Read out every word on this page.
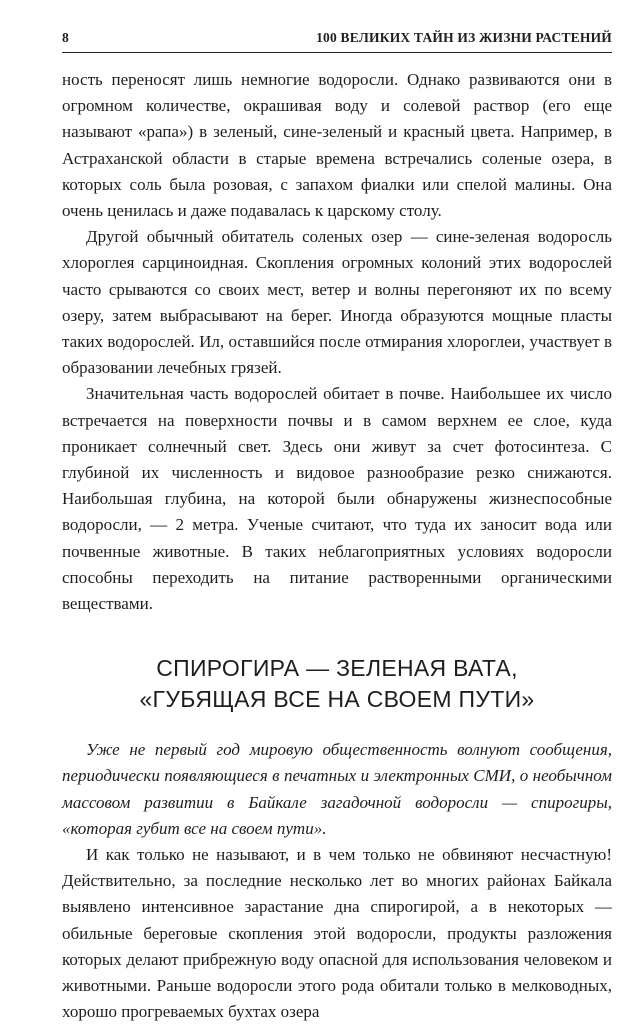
8	100 ВЕЛИКИХ ТАЙН ИЗ ЖИЗНИ РАСТЕНИЙ

ность переносят лишь немногие водоросли. Однако развиваются они в огромном количестве, окрашивая воду и солевой раствор (его еще называют «рапа») в зеленый, сине-зеленый и красный цвета. Например, в Астраханской области в старые времена встречались соленые озера, в которых соль была розовая, с запахом фиалки или спелой малины. Она очень ценилась и даже подавалась к царскому столу.

Другой обычный обитатель соленых озер — сине-зеленая водоросль хлороглея сарциноидная. Скопления огромных колоний этих водорослей часто срываются со своих мест, ветер и волны перегоняют их по всему озеру, затем выбрасывают на берег. Иногда образуются мощные пласты таких водорослей. Ил, оставшийся после отмирания хлороглеи, участвует в образовании лечебных грязей.

Значительная часть водорослей обитает в почве. Наибольшее их число встречается на поверхности почвы и в самом верхнем ее слое, куда проникает солнечный свет. Здесь они живут за счет фотосинтеза. С глубиной их численность и видовое разнообразие резко снижаются. Наибольшая глубина, на которой были обнаружены жизнеспособные водоросли, — 2 метра. Ученые считают, что туда их заносит вода или почвенные животные. В таких неблагоприятных условиях водоросли способны переходить на питание растворенными органическими веществами.

СПИРОГИРА — ЗЕЛЕНАЯ ВАТА,
«ГУБЯЩАЯ ВСЕ НА СВОЕМ ПУТИ»

Уже не первый год мировую общественность волнуют сообщения, периодически появляющиеся в печатных и электронных СМИ, о необычном массовом развитии в Байкале загадочной водоросли — спирогиры, «которая губит все на своем пути».

И как только не называют, и в чем только не обвиняют несчастную! Действительно, за последние несколько лет во многих районах Байкала выявлено интенсивное зарастание дна спирогирой, а в некоторых — обильные береговые скопления этой водоросли, продукты разложения которых делают прибрежную воду опасной для использования человеком и животными. Раньше водоросли этого рода обитали только в мелководных, хорошо прогреваемых бухтах озера
